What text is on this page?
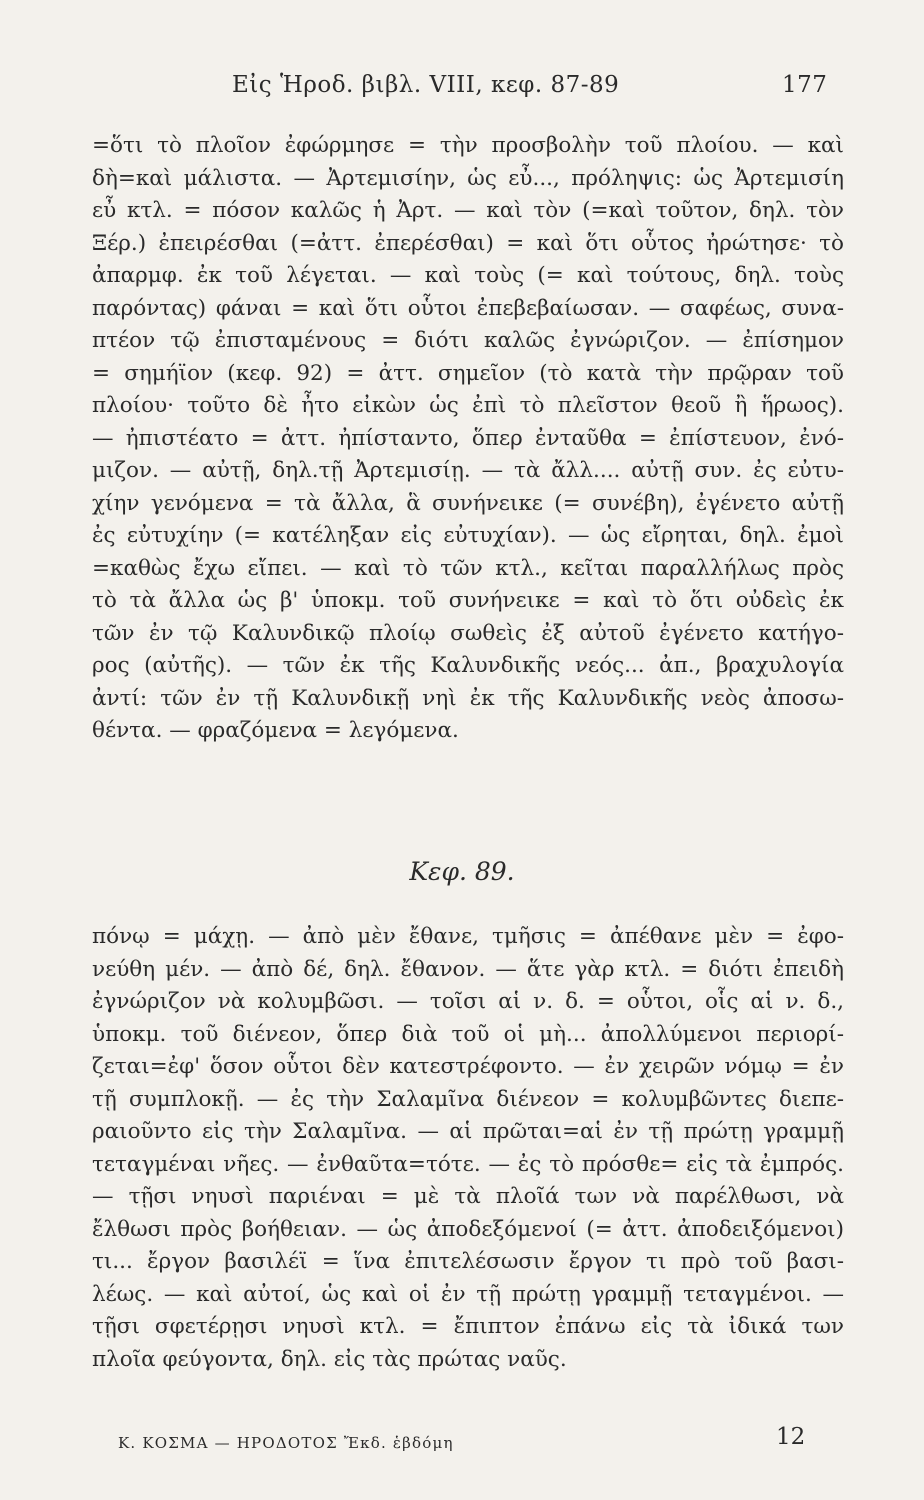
Εἰς Ἡροδ. βιβλ. VIII, κεφ. 87-89	177
=ὅτι τὸ πλοῖον ἐφώρμησε = τὴν προσβολὴν τοῦ πλοίου. — καὶ
δὴ=καὶ μάλιστα. — Ἀρτεμισίην, ὡς εὖ..., πρόληψις: ὡς Ἀρτεμισίη
εὖ κτλ. = πόσον καλῶς ἡ Ἀρτ. — καὶ τὸν (=καὶ τοῦτον, δηλ. τὸν
Ξέρ.) ἐπειρέσθαι (=ἀττ. ἐπερέσθαι) = καὶ ὅτι οὗτος ἠρώτησε· τὸ
ἀπαρμφ. ἐκ τοῦ λέγεται. — καὶ τοὺς (= καὶ τούτους, δηλ. τοὺς
παρόντας) φάναι = καὶ ὅτι οὗτοι ἐπεβεβαίωσαν. — σαφέως, συνα-
πτέον τῷ ἐπισταμένους = διότι καλῶς ἐγνώριζον. — ἐπίσημον
= σημήϊον (κεφ. 92) = ἀττ. σημεῖον (τὸ κατὰ τὴν πρῷραν τοῦ
πλοίου· τοῦτο δὲ ἦτο εἰκὼν ὡς ἐπὶ τὸ πλεῖστον θεοῦ ἢ ἥρωος).
— ἠπιστέατο = ἀττ. ἠπίσταντο, ὅπερ ἐνταῦθα = ἐπίστευον, ἐνό-
μιζον. — αὐτῇ, δηλ.τῇ Ἀρτεμισίῃ. — τὰ ἄλλ.... αὐτῇ συν. ἐς εὐτυ-
χίην γενόμενα = τὰ ἄλλα, ἃ συνήνεικε (= συνέβη), ἐγένετο αὐτῇ
ἐς εὐτυχίην (= κατέληξαν εἰς εὐτυχίαν). — ὡς εἴρηται, δηλ. ἐμοὶ
=καθὼς ἔχω εἴπει. — καὶ τὸ τῶν κτλ., κεῖται παραλλήλως πρὸς
τὸ τὰ ἄλλα ὡς β' ὑποκμ. τοῦ συνήνεικε = καὶ τὸ ὅτι οὐδεὶς ἐκ
τῶν ἐν τῷ Καλυνδικῷ πλοίῳ σωθεὶς ἐξ αὐτοῦ ἐγένετο κατήγο-
ρος (αὐτῆς). — τῶν ἐκ τῆς Καλυνδικῆς νεός... ἀπ., βραχυλογία
ἀντί: τῶν ἐν τῇ Καλυνδικῇ νηὶ ἐκ τῆς Καλυνδικῆς νεὸς ἀποσω-
θέντα. — φραζόμενα = λεγόμενα.
Κεφ. 89.
πόνῳ = μάχῃ. — ἀπὸ μὲν ἔθανε, τμῆσις = ἀπέθανε μὲν = ἐφο-
νεύθη μέν. — ἀπὸ δέ, δηλ. ἔθανον. — ἅτε γὰρ κτλ. = διότι ἐπειδὴ
ἐγνώριζον νὰ κολυμβῶσι. — τοῖσι αἱ ν. δ. = οὗτοι, οἷς αἱ ν. δ.,
ὑποκμ. τοῦ διένεον, ὅπερ διὰ τοῦ οἱ μὴ... ἀπολλύμενοι περιορί-
ζεται=ἐφ' ὅσον οὗτοι δὲν κατεστρέφοντο. — ἐν χειρῶν νόμῳ = ἐν
τῇ συμπλοκῇ. — ἐς τὴν Σαλαμῖνα διένεον = κολυμβῶντες διεπε-
ραιοῦντο εἰς τὴν Σαλαμῖνα. — αἱ πρῶται=αἱ ἐν τῇ πρώτῃ γραμμῇ
τεταγμέναι νῆες. — ἐνθαῦτα=τότε. — ἐς τὸ πρόσθε= εἰς τὰ ἐμπρός.
— τῇσι νηυσὶ παριέναι = μὲ τὰ πλοῖά των νὰ παρέλθωσι, νὰ
ἔλθωσι πρὸς βοήθειαν. — ὡς ἀποδεξόμενοί (= ἀττ. ἀποδειξόμενοι)
τι... ἔργον βασιλέϊ = ἵνα ἐπιτελέσωσιν ἔργον τι πρὸ τοῦ βασι-
λέως. — καὶ αὐτοί, ὡς καὶ οἱ ἐν τῇ πρώτῃ γραμμῇ τεταγμένοι. —
τῇσι σφετέρῃσι νηυσὶ κτλ. = ἔπιπτον ἐπάνω εἰς τὰ ἰδικά των
πλοῖα φεύγοντα, δηλ. εἰς τὰς πρώτας ναῦς.
Κ. ΚΟΣΜΑ — ΗΡΟΔΟΤΟΣ Ἔκδ. ἑβδόμη	12
